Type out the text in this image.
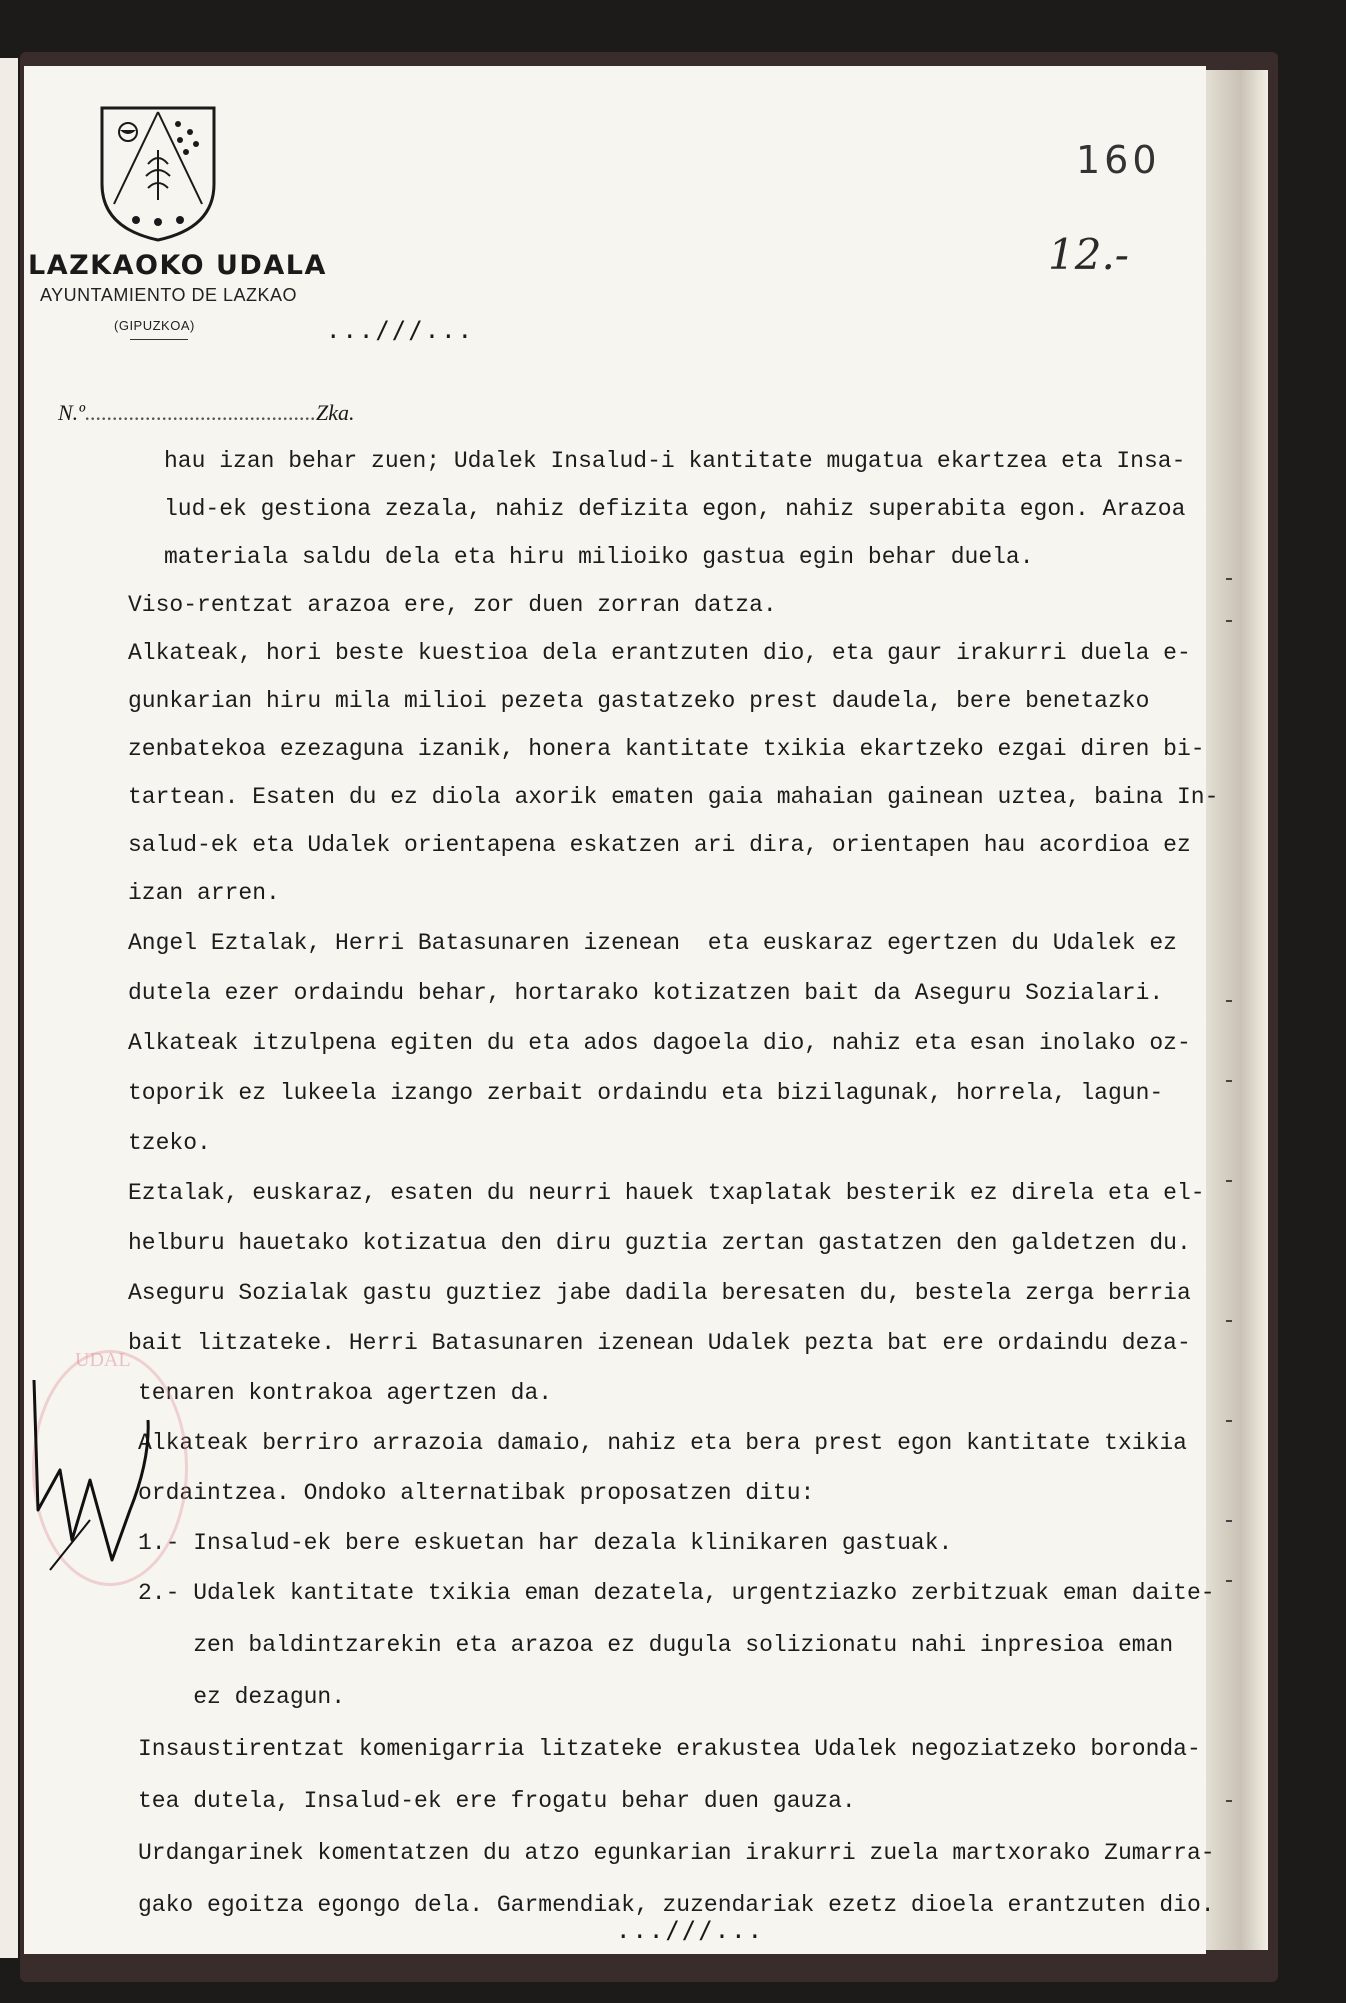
LAZKAOKO UDALA

AYUNTAMIENTO DE LAZKAO

(GIPUZKOA)

160
12.-
...///...
N.º..........................................Zka.
hau izan behar zuen; Udalek Insalud-i kantitate mugatua ekartzea eta Insa-
lud-ek gestiona zezala, nahiz defizita egon, nahiz superabita egon. Arazoa
materiala saldu dela eta hiru milioiko gastua egin behar duela.
Viso-rentzat arazoa ere, zor duen zorran datza.
Alkateak, hori beste kuestioa dela erantzuten dio, eta gaur irakurri duela e-
gunkarian hiru mila milioi pezeta gastatzeko prest daudela, bere benetazko
zenbatekoa ezezaguna izanik, honera kantitate txikia ekartzeko ezgai diren bi-
tartean. Esaten du ez diola axorik ematen gaia mahaian gainean uztea, baina In-
salud-ek eta Udalek orientapena eskatzen ari dira, orientapen hau acordioa ez
izan arren.
Angel Eztalak, Herri Batasunaren izenean  eta euskaraz egertzen du Udalek ez
dutela ezer ordaindu behar, hortarako kotizatzen bait da Aseguru Sozialari.
Alkateak itzulpena egiten du eta ados dagoela dio, nahiz eta esan inolako oz-
toporik ez lukeela izango zerbait ordaindu eta bizilagunak, horrela, lagun-
tzeko.
Eztalak, euskaraz, esaten du neurri hauek txaplatak besterik ez direla eta el-
helburu hauetako kotizatua den diru guztia zertan gastatzen den galdetzen du.
Aseguru Sozialak gastu guztiez jabe dadila beresaten du, bestela zerga berria
bait litzateke. Herri Batasunaren izenean Udalek pezta bat ere ordaindu deza-
tenaren kontrakoa agertzen da.
Alkateak berriro arrazoia damaio, nahiz eta bera prest egon kantitate txikia
ordaintzea. Ondoko alternatibak proposatzen ditu:
1.- Insalud-ek bere eskuetan har dezala klinikaren gastuak.
2.- Udalek kantitate txikia eman dezatela, urgentziazko zerbitzuak eman daite-
zen baldintzarekin eta arazoa ez dugula solizionatu nahi inpresioa eman
ez dezagun.
Insaustirentzat komenigarria litzateke erakustea Udalek negoziatzeko boronda-
tea dutela, Insalud-ek ere frogatu behar duen gauza.
Urdangarinek komentatzen du atzo egunkarian irakurri zuela martxorako Zumarra-
gako egoitza egongo dela. Garmendiak, zuzendariak ezetz dioela erantzuten dio.
...///...
UDAL
